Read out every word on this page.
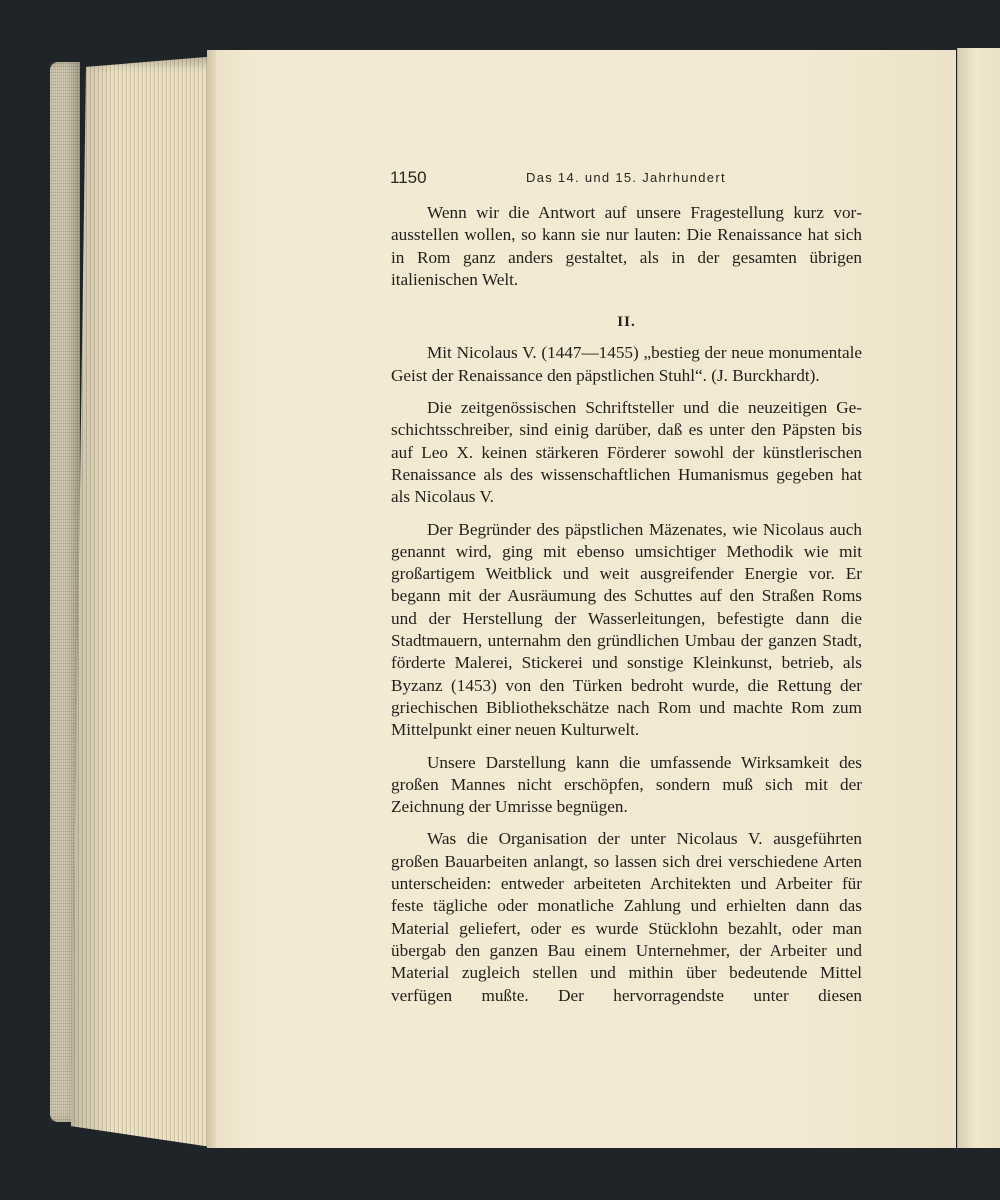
1150	Das 14. und 15. Jahrhundert

Wenn wir die Antwort auf unsere Fragestellung kurz vorausstellen wollen, so kann sie nur lauten: Die Renaissance hat sich in Rom ganz anders gestaltet, als in der gesamten übrigen italienischen Welt.

II.

Mit Nicolaus V. (1447—1455) „bestieg der neue monumentale Geist der Renaissance den päpstlichen Stuhl“. (J. Burckhardt).

Die zeitgenössischen Schriftsteller und die neuzeitigen Geschichtsschreiber, sind einig darüber, daß es unter den Päpsten bis auf Leo X. keinen stärkeren Förderer sowohl der künstlerischen Renaissance als des wissenschaftlichen Humanismus gegeben hat als Nicolaus V.

Der Begründer des päpstlichen Mäzenates, wie Nicolaus auch genannt wird, ging mit ebenso umsichtiger Methodik wie mit großartigem Weitblick und weit ausgreifender Energie vor. Er begann mit der Ausräumung des Schuttes auf den Straßen Roms und der Herstellung der Wasserleitungen, befestigte dann die Stadtmauern, unternahm den gründlichen Umbau der ganzen Stadt, förderte Malerei, Stickerei und sonstige Kleinkunst, betrieb, als Byzanz (1453) von den Türken bedroht wurde, die Rettung der griechischen Bibliothekschätze nach Rom und machte Rom zum Mittelpunkt einer neuen Kulturwelt.

Unsere Darstellung kann die umfassende Wirksamkeit des großen Mannes nicht erschöpfen, sondern muß sich mit der Zeichnung der Umrisse begnügen.

Was die Organisation der unter Nicolaus V. ausgeführten großen Bauarbeiten anlangt, so lassen sich drei verschiedene Arten unterscheiden: entweder arbeiteten Architekten und Arbeiter für feste tägliche oder monatliche Zahlung und erhielten dann das Material geliefert, oder es wurde Stücklohn bezahlt, oder man übergab den ganzen Bau einem Unternehmer, der Arbeiter und Material zugleich stellen und mithin über bedeutende Mittel verfügen mußte. Der hervorragendste unter diesen
